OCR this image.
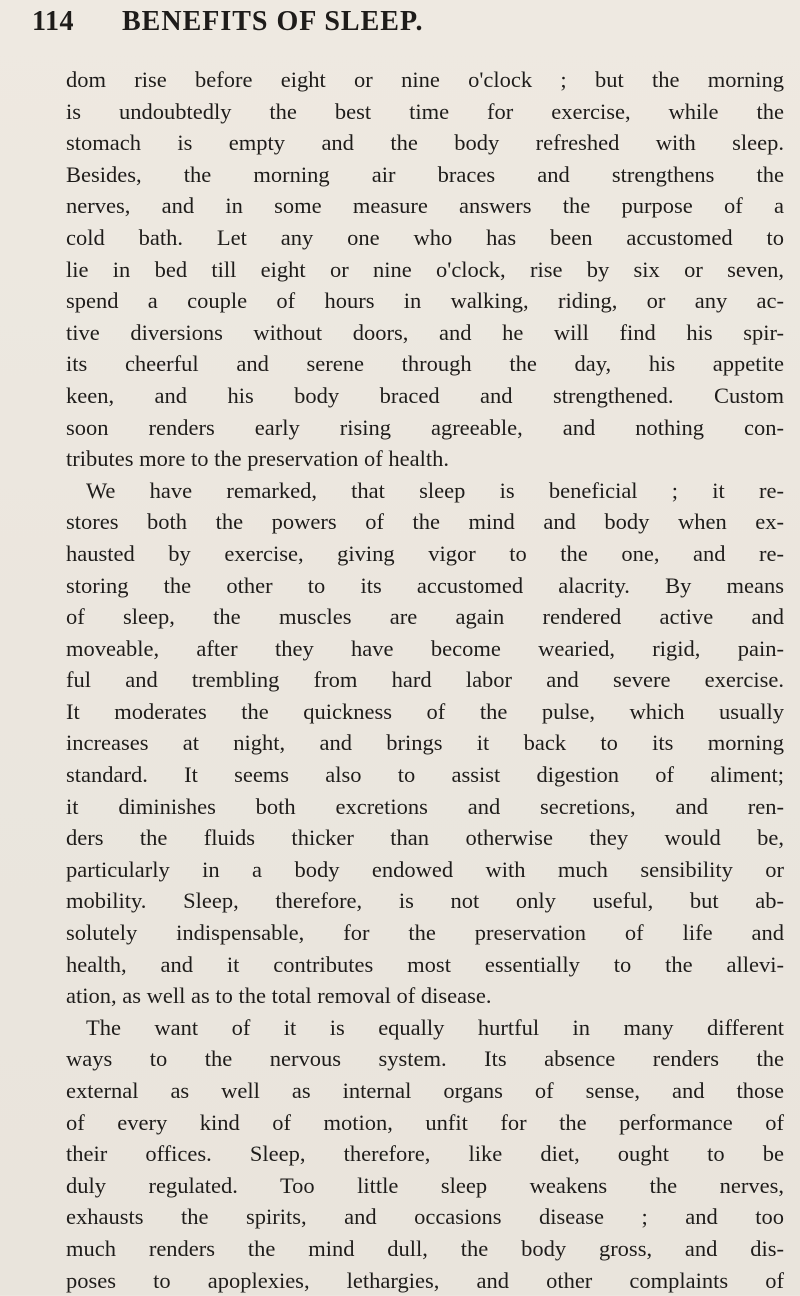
114 BENEFITS OF SLEEP.
dom rise before eight or nine o'clock ; but the morning
is undoubtedly the best time for exercise, while the
stomach is empty and the body refreshed with sleep.
Besides, the morning air braces and strengthens the
nerves, and in some measure answers the purpose of a
cold bath. Let any one who has been accustomed to
lie in bed till eight or nine o'clock, rise by six or seven,
spend a couple of hours in walking, riding, or any ac-
tive diversions without doors, and he will find his spir-
its cheerful and serene through the day, his appetite
keen, and his body braced and strengthened. Custom
soon renders early rising agreeable, and nothing con-
tributes more to the preservation of health.
We have remarked, that sleep is beneficial ; it re-
stores both the powers of the mind and body when ex-
hausted by exercise, giving vigor to the one, and re-
storing the other to its accustomed alacrity. By means
of sleep, the muscles are again rendered active and
moveable, after they have become wearied, rigid, pain-
ful and trembling from hard labor and severe exercise.
It moderates the quickness of the pulse, which usually
increases at night, and brings it back to its morning
standard. It seems also to assist digestion of aliment;
it diminishes both excretions and secretions, and ren-
ders the fluids thicker than otherwise they would be,
particularly in a body endowed with much sensibility or
mobility. Sleep, therefore, is not only useful, but ab-
solutely indispensable, for the preservation of life and
health, and it contributes most essentially to the allevi-
ation, as well as to the total removal of disease.
The want of it is equally hurtful in many different
ways to the nervous system. Its absence renders the
external as well as internal organs of sense, and those
of every kind of motion, unfit for the performance of
their offices. Sleep, therefore, like diet, ought to be
duly regulated. Too little sleep weakens the nerves,
exhausts the spirits, and occasions disease ; and too
much renders the mind dull, the body gross, and dis-
poses to apoplexies, lethargies, and other complaints of
